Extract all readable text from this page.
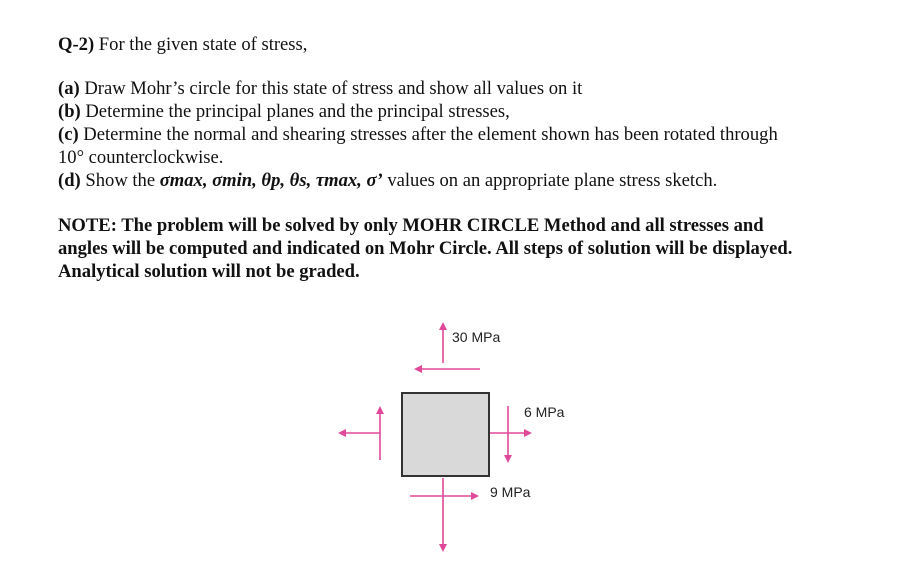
Q-2) For the given state of stress,
(a) Draw Mohr’s circle for this state of stress and show all values on it
(b) Determine the principal planes and the principal stresses,
(c) Determine the normal and shearing stresses after the element shown has been rotated through
10° counterclockwise.
(d) Show the σmax, σmin, θp, θs, τmax, σ’ values on an appropriate plane stress sketch.
NOTE: The problem will be solved by only MOHR CIRCLE Method and all stresses and
angles will be computed and indicated on Mohr Circle. All steps of solution will be displayed.
Analytical solution will not be graded.
30 MPa
6 MPa
9 MPa
